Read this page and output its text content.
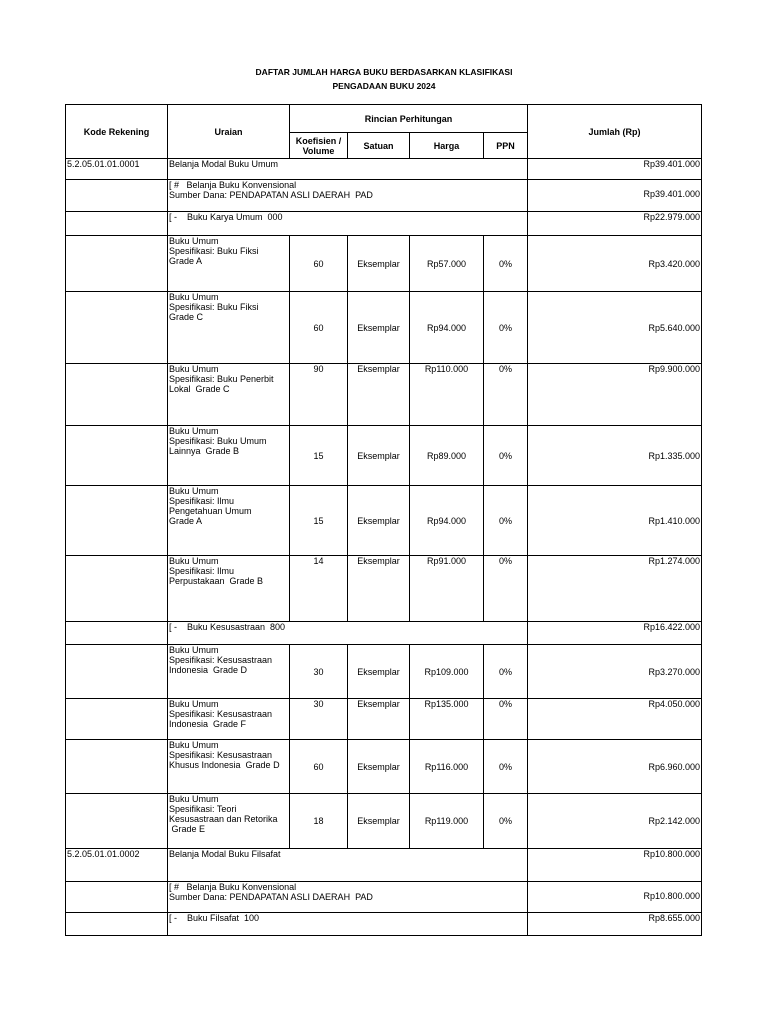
DAFTAR JUMLAH HARGA BUKU BERDASARKAN KLASIFIKASI
PENGADAAN BUKU 2024
Kode Rekening	Uraian	Rincian Perhitungan				Jumlah (Rp)
		Koefisien / Volume	Satuan	Harga	PPN	
5.2.05.01.01.0001	Belanja Modal Buku Umum					Rp39.401.000
	[ #   Belanja Buku Konvensional
Sumber Dana: PENDAPATAN ASLI DAERAH  PAD					Rp39.401.000
	[ -    Buku Karya Umum  000					Rp22.979.000
	Buku Umum
Spesifikasi: Buku Fiksi
Grade A	60	Eksemplar	Rp57.000	0%	Rp3.420.000
	Buku Umum
Spesifikasi: Buku Fiksi
Grade C	60	Eksemplar	Rp94.000	0%	Rp5.640.000
	Buku Umum
Spesifikasi: Buku Penerbit
Lokal  Grade C	90	Eksemplar	Rp110.000	0%	Rp9.900.000
	Buku Umum
Spesifikasi: Buku Umum
Lainnya  Grade B	15	Eksemplar	Rp89.000	0%	Rp1.335.000
	Buku Umum
Spesifikasi: Ilmu
Pengetahuan Umum
Grade A	15	Eksemplar	Rp94.000	0%	Rp1.410.000
	Buku Umum
Spesifikasi: Ilmu
Perpustakaan  Grade B	14	Eksemplar	Rp91.000	0%	Rp1.274.000
	[ -    Buku Kesusastraan  800					Rp16.422.000
	Buku Umum
Spesifikasi: Kesusastraan
Indonesia  Grade D	30	Eksemplar	Rp109.000	0%	Rp3.270.000
	Buku Umum
Spesifikasi: Kesusastraan
Indonesia  Grade F	30	Eksemplar	Rp135.000	0%	Rp4.050.000
	Buku Umum
Spesifikasi: Kesusastraan
Khusus Indonesia  Grade D	60	Eksemplar	Rp116.000	0%	Rp6.960.000
	Buku Umum
Spesifikasi: Teori
Kesusastraan dan Retorika
Grade E	18	Eksemplar	Rp119.000	0%	Rp2.142.000
5.2.05.01.01.0002	Belanja Modal Buku Filsafat					Rp10.800.000
	[ #   Belanja Buku Konvensional
Sumber Dana: PENDAPATAN ASLI DAERAH  PAD					Rp10.800.000
	[ -    Buku Filsafat  100					Rp8.655.000
